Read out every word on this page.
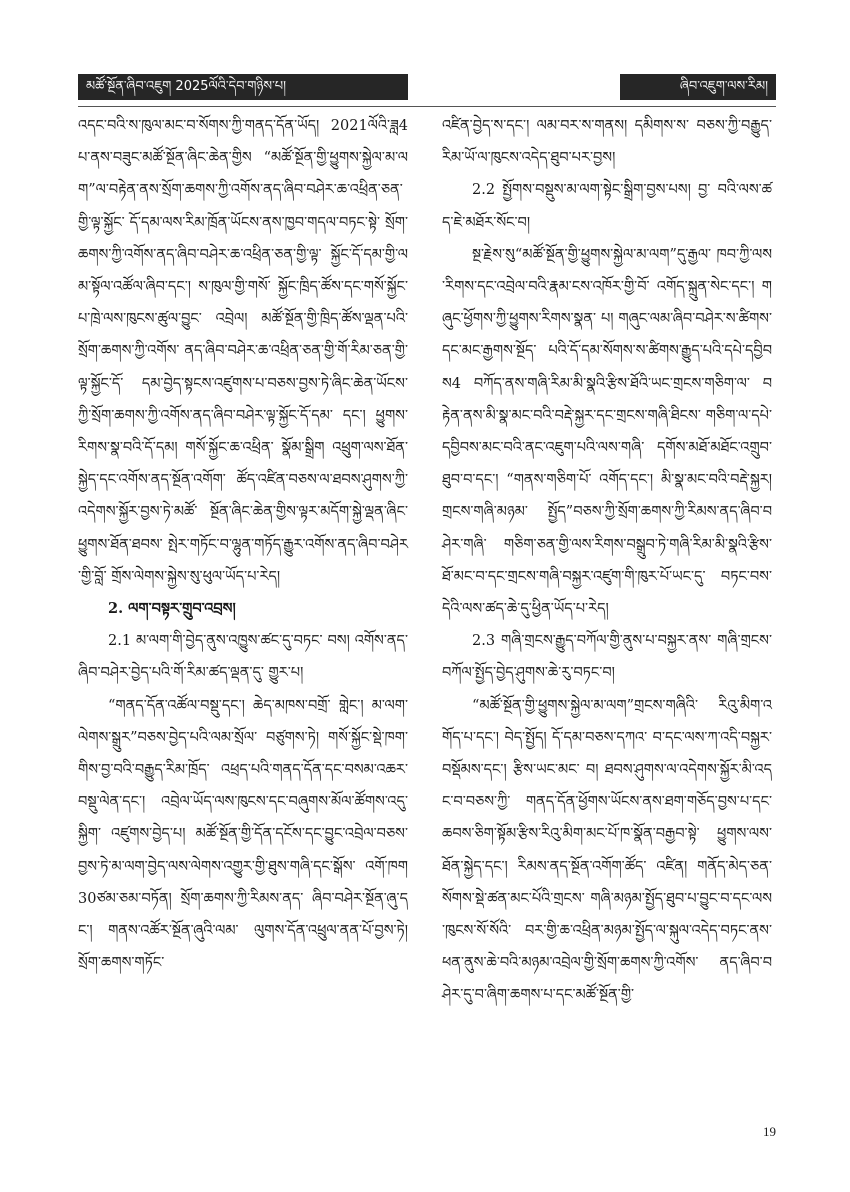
མཚོ་སྔོན་ཞིབ་འཇུག 2025ལོའི་དེབ་གཉིས་པ།	ཞིབ་འཇུག་ལས་རིམ།

འདང་བའི་ས་ཁུལ་མང་བ་སོགས་ཀྱི་གནད་དོན་ཡོད། 2021ལོའི་ཟླ4པ་ནས་བཟུང་མཚོ་སྔོན་ཞིང་ཆེན་གྱིས “མཚོ་སྔོན་གྱི་ཕྱུགས་སྐྱེལ་མ་ལག”ལ་བརྟེན་ནས་སྲོག་ཆགས་ཀྱི་འགོས་ནད་ཞིབ་བཤེར་ཆ་འཕྲིན་ཅན་གྱི་ལྟ་སྐྱོང་ དོ་དམ་ལས་རིམ་ཁྲོན་ཡོངས་ནས་ཁྱབ་གདལ་བཏང་སྟེ་ སྲོག་ཆགས་ཀྱི་འགོས་ནད་ཞིབ་བཤེར་ཆ་འཕྲིན་ཅན་གྱི་ལྟ་ སྐྱོང་དོ་དམ་གྱི་ལམ་སྟོལ་འཚོལ་ཞིབ་དང་། ས་ཁུལ་གྱི་གསོ་ སྐྱོང་ཁྲིད་ཚོས་དང་གསོ་སྐྱོང་པ་ཁྲེ་ལས་ཁུངས་ཚུལ་བྱུང་ འབྲེལ། མཚོ་སྔོན་གྱི་ཁྲིད་ཚོས་ལྡན་པའི་སྲོག་ཆགས་ཀྱི་འགོས་ ནད་ཞིབ་བཤེར་ཆ་འཕྲིན་ཅན་གྱི་གོ་རིམ་ཅན་གྱི་ལྟ་སྐྱོང་དོ་ དམ་བྱེད་སྟངས་འཛུགས་པ་བཅས་བྱས་ཏེ་ཞིང་ཆེན་ཡོངས་ ཀྱི་སྲོག་ཆགས་ཀྱི་འགོས་ནད་ཞིབ་བཤེར་ལྟ་སྐྱོང་དོ་དམ་ དང་། ཕྱུགས་རིགས་སྣ་བའི་དོ་དམ། གསོ་སྐྱོང་ཆ་འཕྲིན་ སྣོམ་སྒྲིག འཕྲུག་ལས་ཐོན་སྐྱེད་དང་འགོས་ནད་སྔོན་འགོག་ ཚོད་འཛིན་བཅས་ལ་ཐབས་ཤུགས་ཀྱི་འདེགས་སྐྱོར་བྱས་ཏེ་མཚོ་ སྔོན་ཞིང་ཆེན་གྱིས་ལྟར་མདོག་སྐྱེ་ལྡན་ཞིང་ཕྱུགས་ཐོན་ཐབས་ སྤེར་གཏོང་བ་ལྷུན་གཏོད་རྒྱུར་འགོས་ནད་ཞིབ་བཤེར་གྱི་བློ་ གྲོས་ལེགས་སྐྱེས་སུ་ཕུལ་ཡོད་པ་རེད།

2. ལག་བསྟར་གྲུབ་འབྲས།

2.1 མ་ལག་གི་བྱེད་ནུས་འཁྱུས་ཚང་དུ་བཏང་ བས། འགོས་ནད་ཞིབ་བཤེར་བྱེད་པའི་གོ་རིམ་ཚད་ལྡན་དུ་ གྱུར་པ།

“གནད་དོན་འཚོལ་བསྡུ་དང་། ཆེད་མཁས་བགྲོ་ གླེང་། མ་ལག་ལེགས་སྒྲུར”བཅས་བྱེད་པའི་ལམ་སྲོལ་ བཙུགས་ཏེ། གསོ་སྐྱོང་སྡེ་ཁག་གིས་བྱ་བའི་བརྒྱུད་རིམ་ཁྲོད་ འཕྲད་པའི་གནད་དོན་དང་བསམ་འཆར་བསྡུ་ལེན་དང་། འབྲེལ་ཡོད་ལས་ཁུངས་དང་བཞུགས་མོལ་ཚོགས་འདུ་སྐྱིག་ འཛུགས་བྱེད་པ། མཚོ་སྔོན་གྱི་དོན་དངོས་དང་བྱུང་འབྲེལ་བཅས་ བྱས་ཏེ་མ་ལག་བྱེད་ལས་ལེགས་འགྱུར་གྱི་ཐུས་གཞི་དང་སྒོས་ འགོ་ཁག30ཙམ་ཅམ་བཏོན། སྲོག་ཆགས་ཀྱི་རིམས་ནད་ ཞིབ་བཤེར་སྔོན་ཞུ་དང་། གནས་འཚོར་སྔོན་ཞུའི་ལམ་ ལུགས་དོན་འཕྲུལ་ནན་པོ་བྱས་ཏེ། སྲོག་ཆགས་གཏོང་

འཛིན་བྱེད་ས་དང་། ལམ་བར་ས་གནས། དམིགས་ས་ བཅས་ཀྱི་བརྒྱུད་རིམ་ཡོ་ལ་ཁུངས་འདེད་ཐུབ་པར་བྱས།

2.2 སྤྱོགས་བསྡུས་མ་ལག་སྟེང་སྒྲིག་བྱས་པས། བྱ་ བའི་ལས་ཚད་ཇེ་མཐོར་སོང་བ།

སྔ་རྗེས་སུ“མཚོ་སྔོན་གྱི་ཕྱུགས་སྐྱེལ་མ་ལག”དུ་རྒྱལ་ ཁབ་ཀྱི་ལས་རིགས་དང་འབྲེལ་བའི་རྣམ་ངས་འཁོར་གྱི་བོ་ འགོད་སྐྲུན་སེང་དང་། གཞུང་ཕྱོགས་ཀྱི་ཕྱུགས་རིགས་སྣན་ པ། གཞུང་ལམ་ཞིབ་བཤེར་ས་ཚིགས་དང་མང་རྒྱགས་སྔོད་ པའི་དོ་དམ་སོགས་ས་ཚིགས་རྒྱུད་པའི་དཔེ་དབྱིབས4 བཀོད་ནས་གཞི་རིམ་མི་སྣའི་རྩིས་ཐོའི་ཡང་གྲངས་གཅིག་ལ་ བརྟེན་ནས་མི་སྣ་མང་བའི་བརྡེ་སྐྱར་དང་གྲངས་གཞི་ཐིངས་ གཅིག་ལ་དཔེ་དབྱིབས་མང་བའི་ནང་འཇུག་པའི་ལས་གཞི་ དགོས་མཐོ་མཐོང་འགྲུབ་ཐུབ་བ་དང་། “གནས་གཅིག་པོ་ འགོད་དང་། མི་སྣ་མང་བའི་བརྡེ་སྐྱར། གྲངས་གཞི་མཉམ་ སྤྱོད”བཅས་ཀྱི་སྲོག་ཆགས་ཀྱི་རིམས་ནད་ཞིབ་བཤེར་གཞི་ གཅིག་ཅན་གྱི་ལས་རིགས་བསྒྲུབ་ཏེ་གཞི་རིམ་མི་སྣའི་རྩིས་ ཐོ་མང་བ་དང་གྲངས་གཞི་བསྐྱར་འཛུག་གི་ཁུར་པོ་ཡང་དུ་ བཏང་བས་དེའི་ལས་ཚད་ཆེ་དུ་ཕྱིན་ཡོད་པ་རེད།

2.3 གཞི་གྲངས་རྒྱུད་བཀོལ་གྱི་ནུས་པ་བསྐྱར་ནས་ གཞི་གྲངས་བཀོལ་སྤྱོད་བྱེད་ཤུགས་ཆེ་རུ་བཏང་བ།

“མཚོ་སྔོན་གྱི་ཕྱུགས་སྐྱེལ་མ་ལག”གྲངས་གཞིའི་ རིའུ་མིག་འགོད་པ་དང་། བེད་སྤྱོད། དོ་དམ་བཅས་དཀའ་ བ་དང་ལས་ཀ་འདི་བསྐྱར་བསྡོམས་དང་། རྩིས་ཡང་མང་ བ། ཐབས་ཤུགས་ལ་འདེགས་སྐྱོར་མི་འདང་བ་བཅས་ཀྱི་ གནད་དོན་ཕྱོགས་ཡོངས་ནས་ཐག་གཅོད་བྱས་པ་དང་ ཆབས་ཅིག་སྟོམ་རྩིས་རིའུ་མིག་མང་པོ་ཁ་སྣོན་བརྒྱབ་སྟེ་ ཕྱུགས་ལས་ཐོན་སྐྱེད་དང་། རིམས་ནད་སྔོན་འགོག་ཚོད་ འཛིན། གནོད་མེད་ཅན་སོགས་སྡེ་ཚན་མང་པོའི་གྲངས་ གཞི་མཉམ་སྤྱོད་ཐུབ་པ་བྱུང་བ་དང་ལས་ཁུངས་སོ་སོའི་ བར་གྱི་ཆ་འཕྲིན་མཉམ་སྤྱོད་ལ་སྐུལ་འདེད་བཏང་ནས་ ཕན་ནུས་ཆེ་བའི་མཉམ་འབྲེལ་གྱི་སྲོག་ཆགས་ཀྱི་འགོས་ ནད་ཞིབ་བཤེར་དུ་བ་ཞིག་ཆགས་པ་དང་མཚོ་སྔོན་གྱི་

19
